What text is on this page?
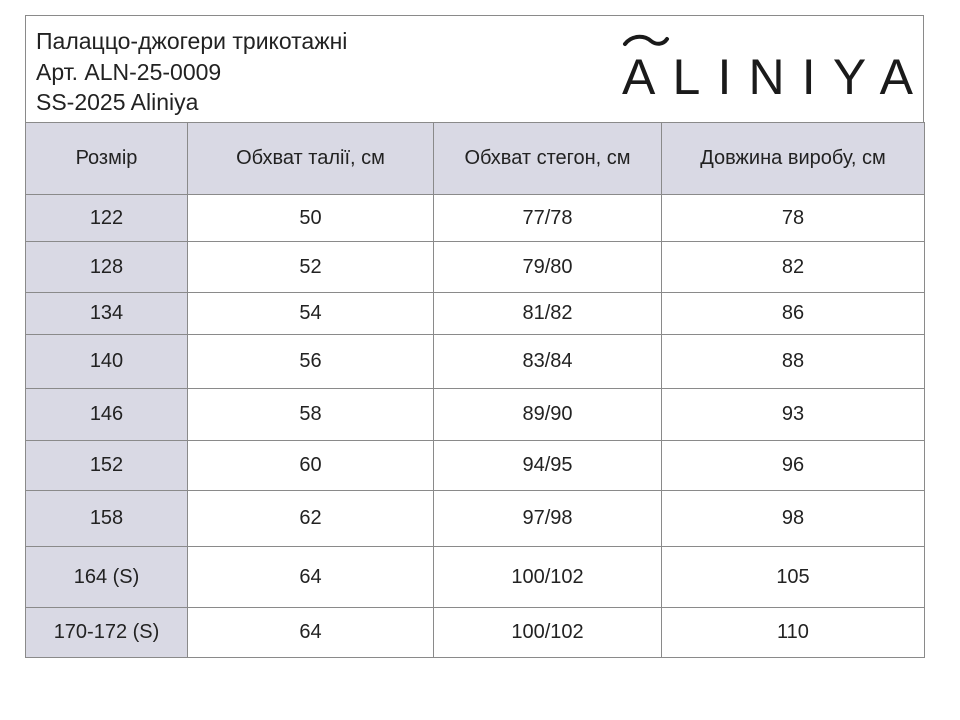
Палаццо-джогери трикотажні
Арт. ALN-25-0009
SS-2025 Aliniya	ALINIYA
Розмір	Обхват талії, см	Обхват стегон, см	Довжина виробу, см
122	50	77/78	78
128	52	79/80	82
134	54	81/82	86
140	56	83/84	88
146	58	89/90	93
152	60	94/95	96
158	62	97/98	98
164 (S)	64	100/102	105
170-172 (S)	64	100/102	110
